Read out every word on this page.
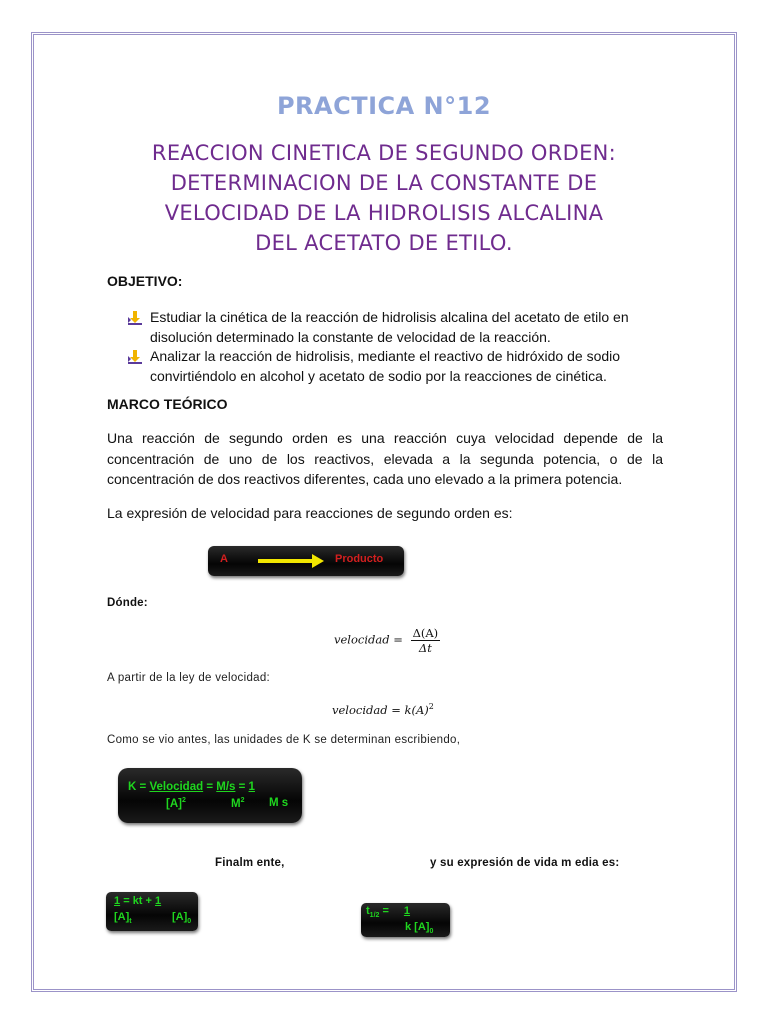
PRACTICA N°12
REACCION CINETICA DE SEGUNDO ORDEN:
DETERMINACION DE LA CONSTANTE DE
VELOCIDAD DE LA HIDROLISIS ALCALINA
DEL ACETATO DE ETILO.
OBJETIVO:
Estudiar la cinética de la reacción de hidrolisis alcalina del acetato de etilo en disolución determinado la constante de velocidad de la reacción.
Analizar la reacción de hidrolisis, mediante el reactivo de hidróxido de sodio convirtiéndolo en alcohol y acetato de sodio por la reacciones de cinética.
MARCO TEÓRICO
Una reacción de segundo orden es una reacción cuya velocidad depende de la concentración de uno de los reactivos, elevada a la segunda potencia, o de la concentración de dos reactivos diferentes, cada uno elevado a la primera potencia.
La expresión de velocidad para reacciones de segundo orden es:
A	Producto
Dónde:
velocidad = $\frac{\Delta(A)}{\Delta t}$
A partir de la ley de velocidad:
velocidad = $k(A)^2$
Como se vio antes, las unidades de K se determinan escribiendo,
K = Velocidad = M/s = 1
$[A]^2$	$M^2$ M s
Finalm ente,	y su expresión de vida m edia es:
1 = kt + 1
$[A]_t$	$[A]_0$
$t_{1/2} = 1$
k $[A]_0$
